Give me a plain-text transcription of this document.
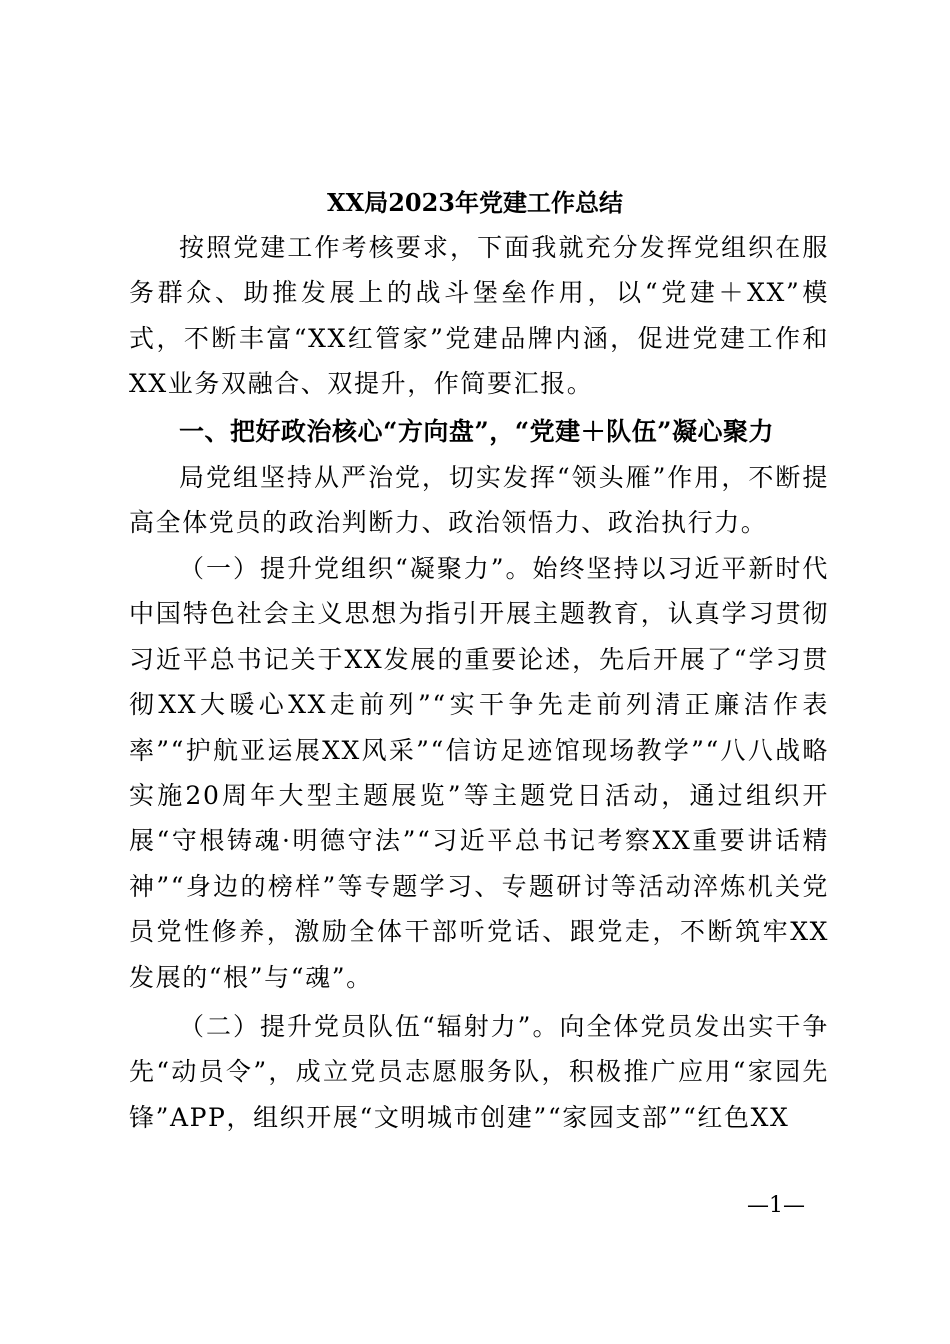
XX局2023年党建工作总结

按照党建工作考核要求，下面我就充分发挥党组织在服务群众、助推发展上的战斗堡垒作用，以“党建＋XX”模式，不断丰富“XX红管家”党建品牌内涵，促进党建工作和XX业务双融合、双提升，作简要汇报。

一、把好政治核心“方向盘”，“党建＋队伍”凝心聚力

局党组坚持从严治党，切实发挥“领头雁”作用，不断提高全体党员的政治判断力、政治领悟力、政治执行力。

（一）提升党组织“凝聚力”。始终坚持以习近平新时代中国特色社会主义思想为指引开展主题教育，认真学习贯彻习近平总书记关于XX发展的重要论述，先后开展了“学习贯彻XX大暖心XX走前列”“实干争先走前列清正廉洁作表率”“护航亚运展XX风采”“信访足迹馆现场教学”“八八战略实施20周年大型主题展览”等主题党日活动，通过组织开展“守根铸魂·明德守法”“习近平总书记考察XX重要讲话精神”“身边的榜样”等专题学习、专题研讨等活动淬炼机关党员党性修养，激励全体干部听党话、跟党走，不断筑牢XX发展的“根”与“魂”。

（二）提升党员队伍“辐射力”。向全体党员发出实干争先“动员令”，成立党员志愿服务队，积极推广应用“家园先锋”APP，组织开展“文明城市创建”“家园支部”“红色XX

—1—
